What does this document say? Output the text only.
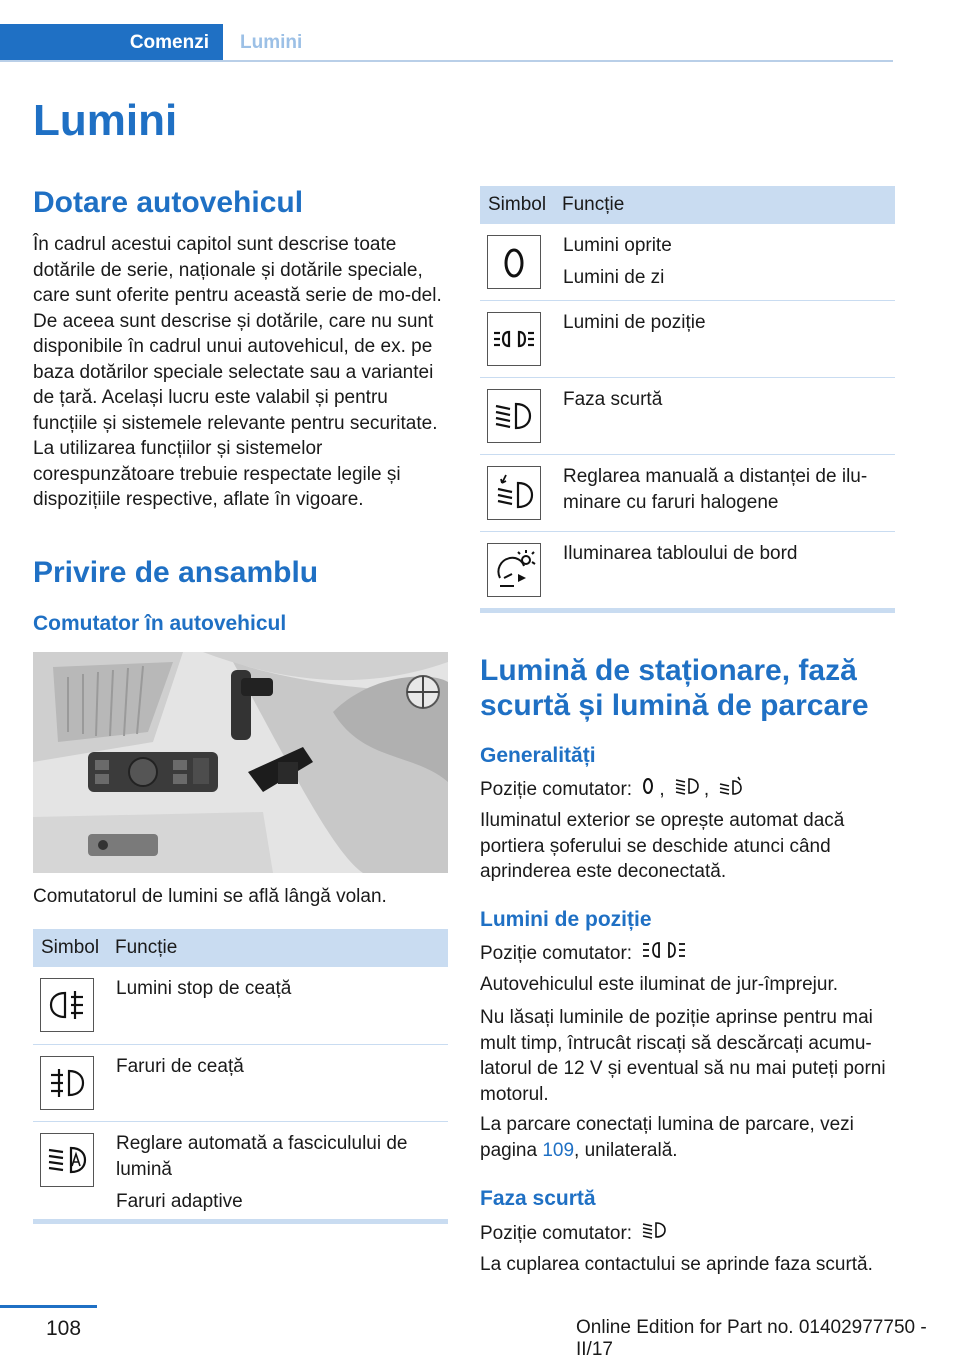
Comenzi	Lumini
Lumini
Dotare autovehicul

În cadrul acestui capitol sunt descrise toate dotările de serie, naționale și dotările speciale, care sunt oferite pentru această serie de mo‐del. De aceea sunt descrise și dotările, care nu sunt disponibile în cadrul unui autovehicul, de ex. pe baza dotărilor speciale selectate sau a variantei de țară. Același lucru este valabil și pentru funcțiile și sistemele relevante pentru securitate. La utilizarea funcțiilor și sistemelor corespunzătoare trebuie respectate legile și dispozițiile respective, aflate în vigoare.

Privire de ansamblu
Comutator în autovehicul

Comutatorul de lumini se află lângă volan.

Simbol Funcție

Lumini stop de ceață

Faruri de ceață

Reglare automată a fasciculului de lumină

Faruri adaptive

Simbol Funcție

Lumini oprite

Lumini de zi

Lumini de poziție

Faza scurtă

Reglarea manuală a distanței de ilu‐minare cu faruri halogene

Iluminarea tabloului de bord

Lumină de staționare, fază
scurtă și lumină de parcare
Generalități

Poziție comutator: , ,

Iluminatul exterior se oprește automat dacă portiera șoferului se deschide atunci când aprinderea este deconectată.

Lumini de poziție

Poziție comutator:

Autovehiculul este iluminat de jur-împrejur.

Nu lăsați luminile de poziție aprinse pentru mai mult timp, întrucât riscați să descărcați acumu‐latorul de 12 V și eventual să nu mai puteți porni motorul.

La parcare conectați lumina de parcare, vezi pagina 109, unilaterală.

Faza scurtă

Poziție comutator:

La cuplarea contactului se aprinde faza scurtă.

108	Online Edition for Part no. 01402977750 - II/17
